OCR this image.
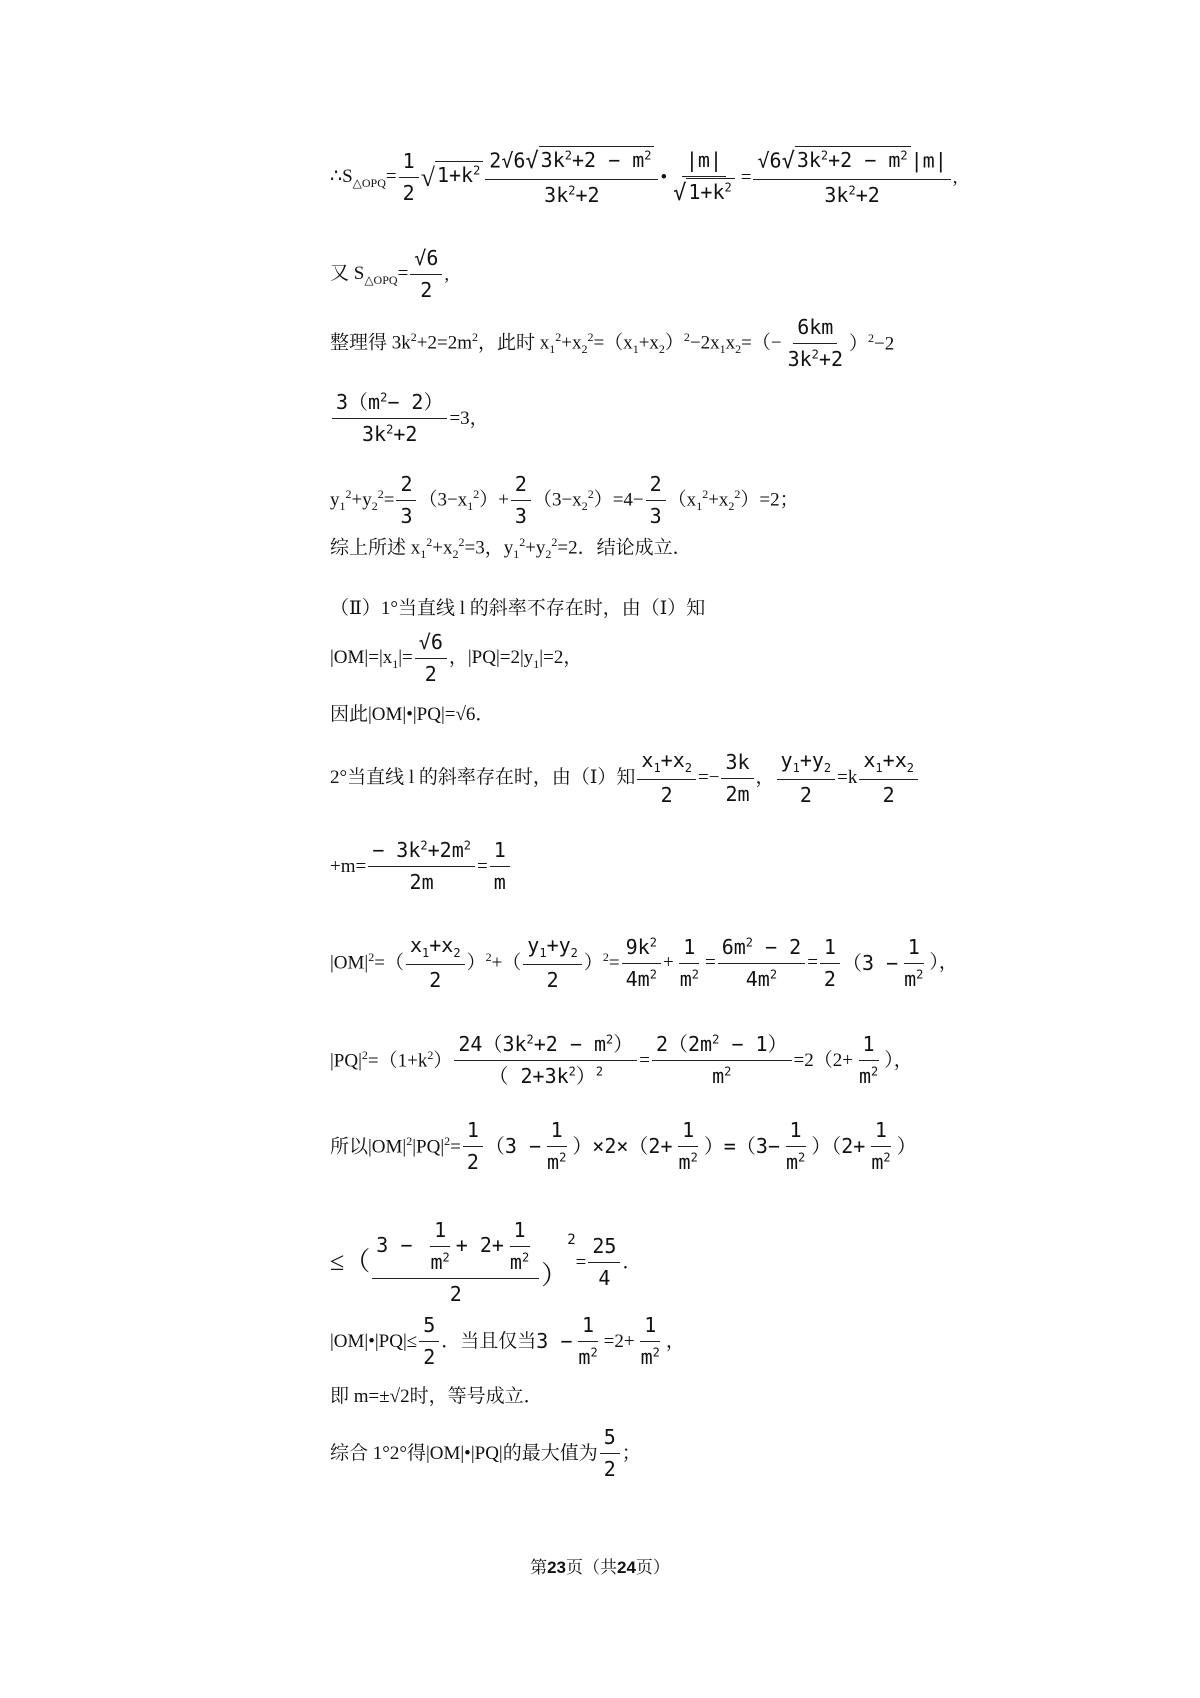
$\therefore S_{\triangle OPQ}= \frac{1}{2}$ √ $1+k^2 \frac{2√6√ 3k^2+2 - m^2}{3k^2+2}$ • $\frac{|m|}{√ 1+k^2} = \frac{√6√ 3k^2+2 - m^2 |m|}{3k^2+2}$ ,
又 $S_{\triangle OPQ}= \frac{√6}{2}$ ,
整理得 $3k^2+2=2m^2$，此时 $x_1^2+x_2^2=(x_1+x_2)^2-2x_1x_2=(- \frac{6km}{3k^2+2} )^2-2$
$\frac{3(m^2- 2)}{3k^2+2} =3$，
$y_1^2+y_2^2= \frac{2}{3} (3-x_1^2)+ \frac{2}{3} (3-x_2^2)=4- \frac{2}{3} (x_1^2+x_2^2)=2$；
综上所述 $x_1^2+x_2^2=3$，$y_1^2+y_2^2=2$．结论成立．
（Ⅱ）1°当直线 l 的斜率不存在时，由（Ⅰ）知
$|OM|=|x_1|= \frac{√6}{2}$ ，$|PQ|=2|y_1|=2$，
因此|OM|•|PQ|=√6．
2°当直线 l 的斜率存在时，由（Ⅰ）知 $\frac{x_1+x_2}{2} =- \frac{3k}{2m}$ ， $\frac{y_1+y_2}{2} =k \frac{x_1+x_2}{2}$
$+m= \frac{- 3k^2+2m^2}{2m} = \frac{1}{m}$
$|OM|^2=( \frac{x_1+x_2}{2} )^2+( \frac{y_1+y_2}{2} )^2= \frac{9k^2}{4m^2} + \frac{1}{m^2} = \frac{6m^2 - 2}{4m^2} = \frac{1}{2} (3 - \frac{1}{m^2}$ ），
$|PQ|^2=(1+k^2) \frac{24(3k^2+2 - m^2)}{( 2+3k^2)^2} = \frac{2(2m^2 - 1)}{m^2} =2(2+ \frac{1}{m^2}$ ），
所以$|OM|^2|PQ|^2= \frac{1}{2} (3 - \frac{1}{m^2} )\times 2\times(2+ \frac{1}{m^2} )=(3- \frac{1}{m^2} )(2+ \frac{1}{m^2}$ ）
≤（ $\frac{3 - \frac{1}{m^2} + 2+ \frac{1}{m^2}}{2} )^2= \frac{25}{4}$ ．
|OM|•|PQ|≤ $\frac{5}{2}$ ．当且仅当$3 - \frac{1}{m^2} =2+ \frac{1}{m^2}$ ，
即 m=±√2时，等号成立．
综合 1°2°得|OM|•|PQ|的最大值为 $\frac{5}{2}$ ；
第23页（共24页）
